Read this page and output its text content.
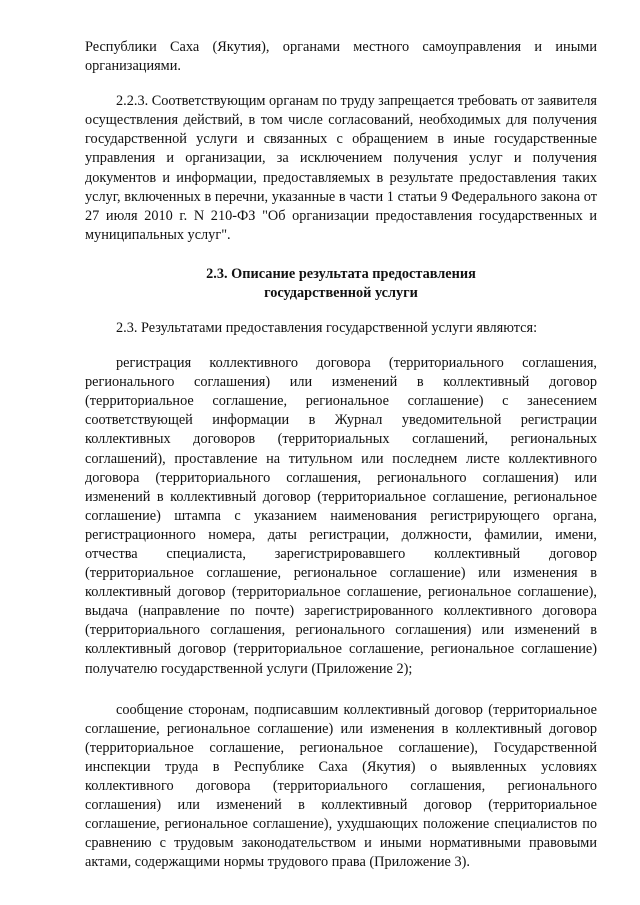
Республики Саха (Якутия), органами местного самоуправления и иными организациями.

2.2.3. Соответствующим органам по труду запрещается требовать от заявителя осуществления действий, в том числе согласований, необходимых для получения государственной услуги и связанных с обращением в иные государственные управления и организации, за исключением получения услуг и получения документов и информации, предоставляемых в результате предоставления таких услуг, включенных в перечни, указанные в части 1 статьи 9 Федерального закона от 27 июля 2010 г. N 210-ФЗ "Об организации предоставления государственных и муниципальных услуг".

2.3. Описание результата предоставления
государственной услуги

2.3. Результатами предоставления государственной услуги являются:

регистрация коллективного договора (территориального соглашения, регионального соглашения) или изменений в коллективный договор (территориальное соглашение, региональное соглашение) с занесением соответствующей информации в Журнал уведомительной регистрации коллективных договоров (территориальных соглашений, региональных соглашений), проставление на титульном или последнем листе коллективного договора (территориального соглашения, регионального соглашения) или изменений в коллективный договор (территориальное соглашение, региональное соглашение) штампа с указанием наименования регистрирующего органа, регистрационного номера, даты регистрации, должности, фамилии, имени, отчества специалиста, зарегистрировавшего коллективный договор (территориальное соглашение, региональное соглашение) или изменения в коллективный договор (территориальное соглашение, региональное соглашение), выдача (направление по почте) зарегистрированного коллективного договора (территориального соглашения, регионального соглашения) или изменений в коллективный договор (территориальное соглашение, региональное соглашение) получателю государственной услуги (Приложение 2);

сообщение сторонам, подписавшим коллективный договор (территориальное соглашение, региональное соглашение) или изменения в коллективный договор (территориальное соглашение, региональное соглашение), Государственной инспекции труда в Республике Саха (Якутия) о выявленных условиях коллективного договора (территориального соглашения, регионального соглашения) или изменений в коллективный договор (территориальное соглашение, региональное соглашение), ухудшающих положение специалистов по сравнению с трудовым законодательством и иными нормативными правовыми актами, содержащими нормы трудового права (Приложение 3).
